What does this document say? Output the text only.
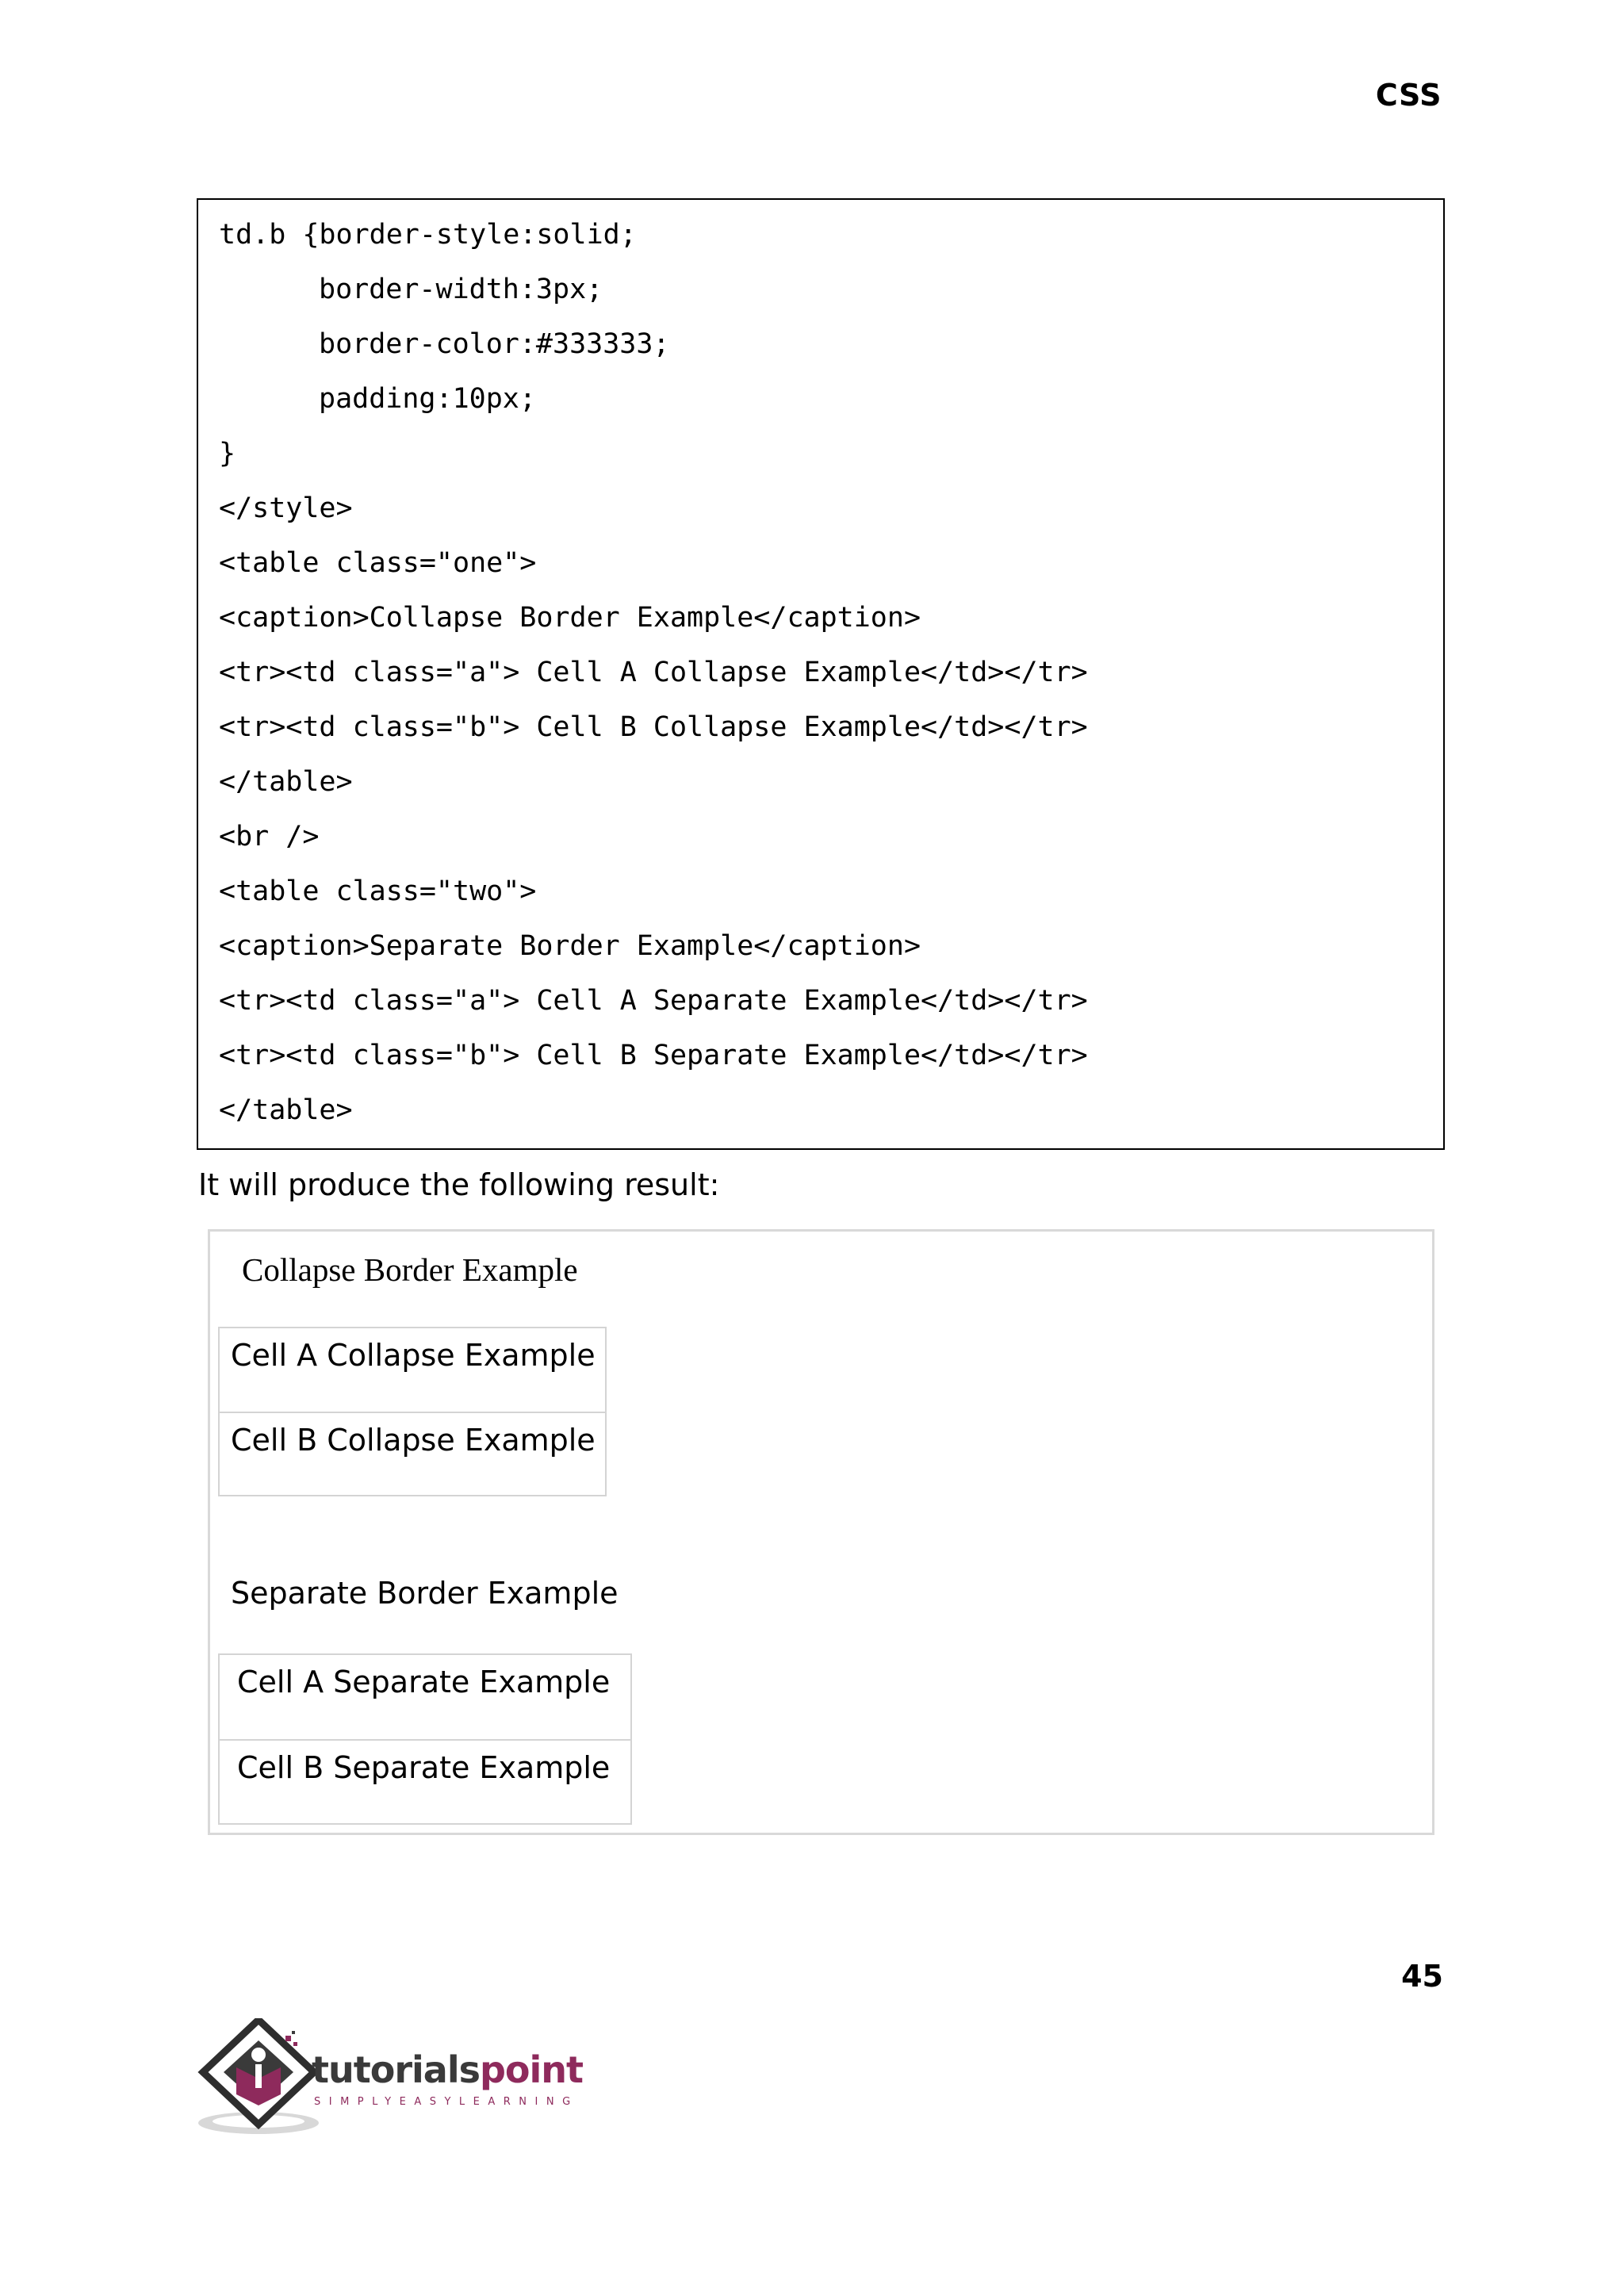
CSS
td.b {border-style:solid;
border-width:3px;
border-color:#333333;
padding:10px;
}
</style>
<table class="one">
<caption>Collapse Border Example</caption>
<tr><td class="a"> Cell A Collapse Example</td></tr>
<tr><td class="b"> Cell B Collapse Example</td></tr>
</table>
<br />
<table class="two">
<caption>Separate Border Example</caption>
<tr><td class="a"> Cell A Separate Example</td></tr>
<tr><td class="b"> Cell B Separate Example</td></tr>
</table>
It will produce the following result:
Collapse Border Example
Cell A Collapse Example
Cell B Collapse Example
Separate Border Example
Cell A Separate Example
Cell B Separate Example
45
tutorialspoint
SIMPLYEASYLEARNING
